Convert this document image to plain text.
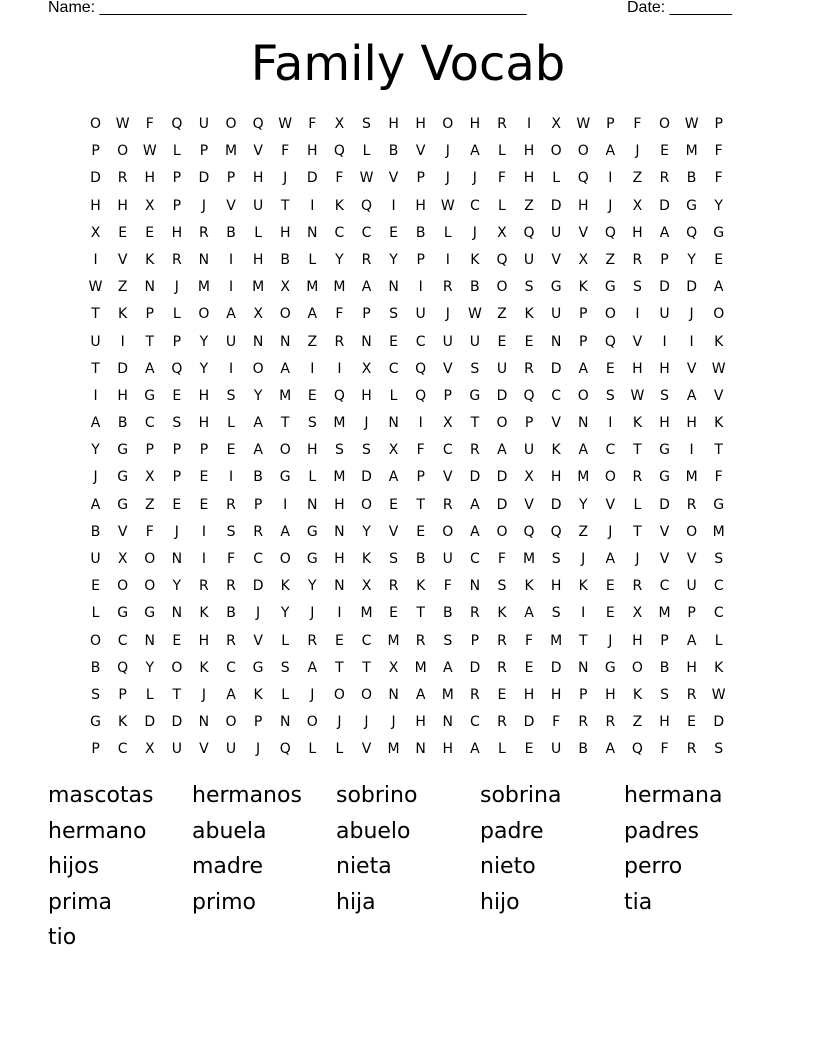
Name: ________________________________________________	Date: _______
Family Vocab
O	W	F	Q	U	O	Q	W	F	X	S	H	H	O	H	R	I	X	W	P	F	O	W	P
P	O	W	L	P	M	V	F	H	Q	L	B	V	J	A	L	H	O	O	A	J	E	M	F
D	R	H	P	D	P	H	J	D	F	W	V	P	J	J	F	H	L	Q	I	Z	R	B	F
H	H	X	P	J	V	U	T	I	K	Q	I	H	W	C	L	Z	D	H	J	X	D	G	Y
X	E	E	H	R	B	L	H	N	C	C	E	B	L	J	X	Q	U	V	Q	H	A	Q	G
I	V	K	R	N	I	H	B	L	Y	R	Y	P	I	K	Q	U	V	X	Z	R	P	Y	E
W	Z	N	J	M	I	M	X	M	M	A	N	I	R	B	O	S	G	K	G	S	D	D	A
T	K	P	L	O	A	X	O	A	F	P	S	U	J	W	Z	K	U	P	O	I	U	J	O
U	I	T	P	Y	U	N	N	Z	R	N	E	C	U	U	E	E	N	P	Q	V	I	I	K
T	D	A	Q	Y	I	O	A	I	I	X	C	Q	V	S	U	R	D	A	E	H	H	V	W
I	H	G	E	H	S	Y	M	E	Q	H	L	Q	P	G	D	Q	C	O	S	W	S	A	V
A	B	C	S	H	L	A	T	S	M	J	N	I	X	T	O	P	V	N	I	K	H	H	K
Y	G	P	P	P	E	A	O	H	S	S	X	F	C	R	A	U	K	A	C	T	G	I	T
J	G	X	P	E	I	B	G	L	M	D	A	P	V	D	D	X	H	M	O	R	G	M	F
A	G	Z	E	E	R	P	I	N	H	O	E	T	R	A	D	V	D	Y	V	L	D	R	G
B	V	F	J	I	S	R	A	G	N	Y	V	E	O	A	O	Q	Q	Z	J	T	V	O	M
U	X	O	N	I	F	C	O	G	H	K	S	B	U	C	F	M	S	J	A	J	V	V	S
E	O	O	Y	R	R	D	K	Y	N	X	R	K	F	N	S	K	H	K	E	R	C	U	C
L	G	G	N	K	B	J	Y	J	I	M	E	T	B	R	K	A	S	I	E	X	M	P	C
O	C	N	E	H	R	V	L	R	E	C	M	R	S	P	R	F	M	T	J	H	P	A	L
B	Q	Y	O	K	C	G	S	A	T	T	X	M	A	D	R	E	D	N	G	O	B	H	K
S	P	L	T	J	A	K	L	J	O	O	N	A	M	R	E	H	H	P	H	K	S	R	W
G	K	D	D	N	O	P	N	O	J	J	J	H	N	C	R	D	F	R	R	Z	H	E	D
P	C	X	U	V	U	J	Q	L	L	V	M	N	H	A	L	E	U	B	A	Q	F	R	S
mascotas	hermanos	sobrino	sobrina	hermana
hermano	abuela	abuelo	padre	padres
hijos	madre	nieta	nieto	perro
prima	primo	hija	hijo	tia
tio
